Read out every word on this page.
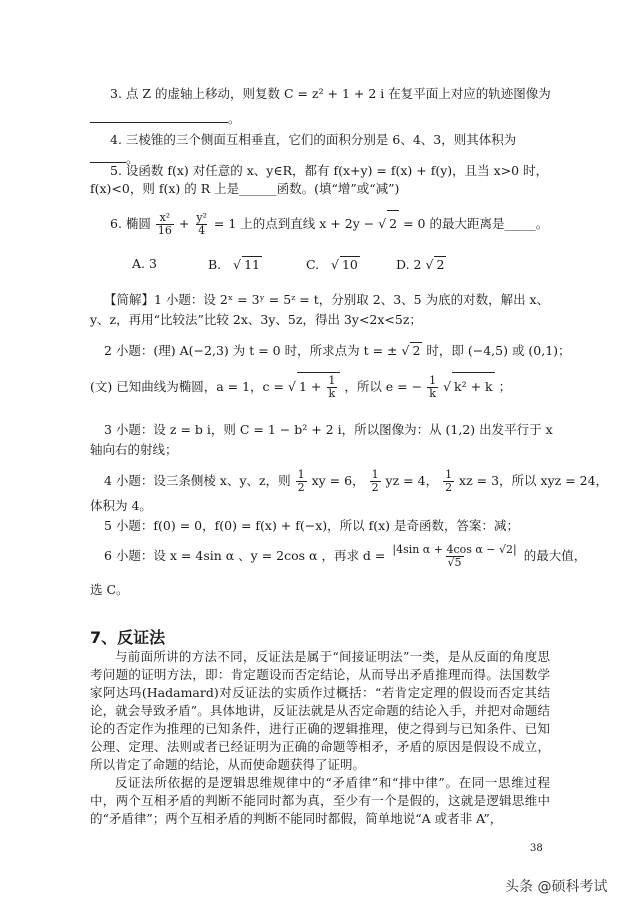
3. 点 Z 的虚轴上移动，则复数 C = z² + 1 + 2 i 在复平面上对应的轨迹图像为
。
4. 三棱锥的三个侧面互相垂直，它们的面积分别是 6、4、3，则其体积为
。
5. 设函数 f(x) 对任意的 x、y∈R，都有 f(x+y) = f(x) + f(y)，且当 x>0 时，
f(x)<0，则 f(x) 的 R 上是______函数。(填“增”或“减”)
6. 椭圆 $\frac{\text{x²}}{16} + \frac{\text{y²}}{4} = 1$ 上的点到直线 x + 2y − √ 2 = 0 的最大距离是_____。
A. 3	B. √ 11	C. √ 10	D. 2 √ 2
【简解】1 小题：设 2ˣ = 3ʸ = 5ᶻ = t，分别取 2、3、5 为底的对数，解出 x、
y、z，再用“比较法”比较 2x、3y、5z，得出 3y<2x<5z；
2 小题：(理) A(−2,3) 为 t = 0 时，所求点为 t = ± √ 2 时，即 (−4,5) 或 (0,1)；
(文) 已知曲线为椭圆，a = 1，c = √ $1 + \frac{1}{k}$ ，所以 e = − $\frac{1}{k}$ √ k² + k ；
3 小题：设 z = b i，则 C = 1 − b² + 2 i，所以图像为：从 (1,2) 出发平行于 x
轴向右的射线；
4 小题：设三条侧棱 x、y、z，则 $\frac{1}{2}$ xy = 6， $\frac{1}{2}$ yz = 4， $\frac{1}{2}$ xz = 3，所以 xyz = 24，
体积为 4。
5 小题：f(0) = 0，f(0) = f(x) + f(−x)，所以 f(x) 是奇函数，答案：减；
6 小题：设 x = 4sin α 、y = 2cos α ，再求 $d = \frac{\text{|4sin α + 4cos α − √2|}}{√5}$ 的最大值，
选 C。
7、反证法
与前面所讲的方法不同，反证法是属于“间接证明法”一类，是从反面的角度思考问题的证明方法，即：肯定题设而否定结论，从而导出矛盾推理而得。法国数学家阿达玛(Hadamard)对反证法的实质作过概括：“若肯定定理的假设而否定其结论，就会导致矛盾”。具体地讲，反证法就是从否定命题的结论入手，并把对命题结论的否定作为推理的已知条件，进行正确的逻辑推理，使之得到与已知条件、已知公理、定理、法则或者已经证明为正确的命题等相矛，矛盾的原因是假设不成立，所以肯定了命题的结论，从而使命题获得了证明。
反证法所依据的是逻辑思维规律中的“矛盾律”和“排中律”。在同一思维过程中，两个互相矛盾的判断不能同时都为真，至少有一个是假的，这就是逻辑思维中的“矛盾律”；两个互相矛盾的判断不能同时都假，简单地说“A 或者非 A”，
38
头条 @硕科考试
